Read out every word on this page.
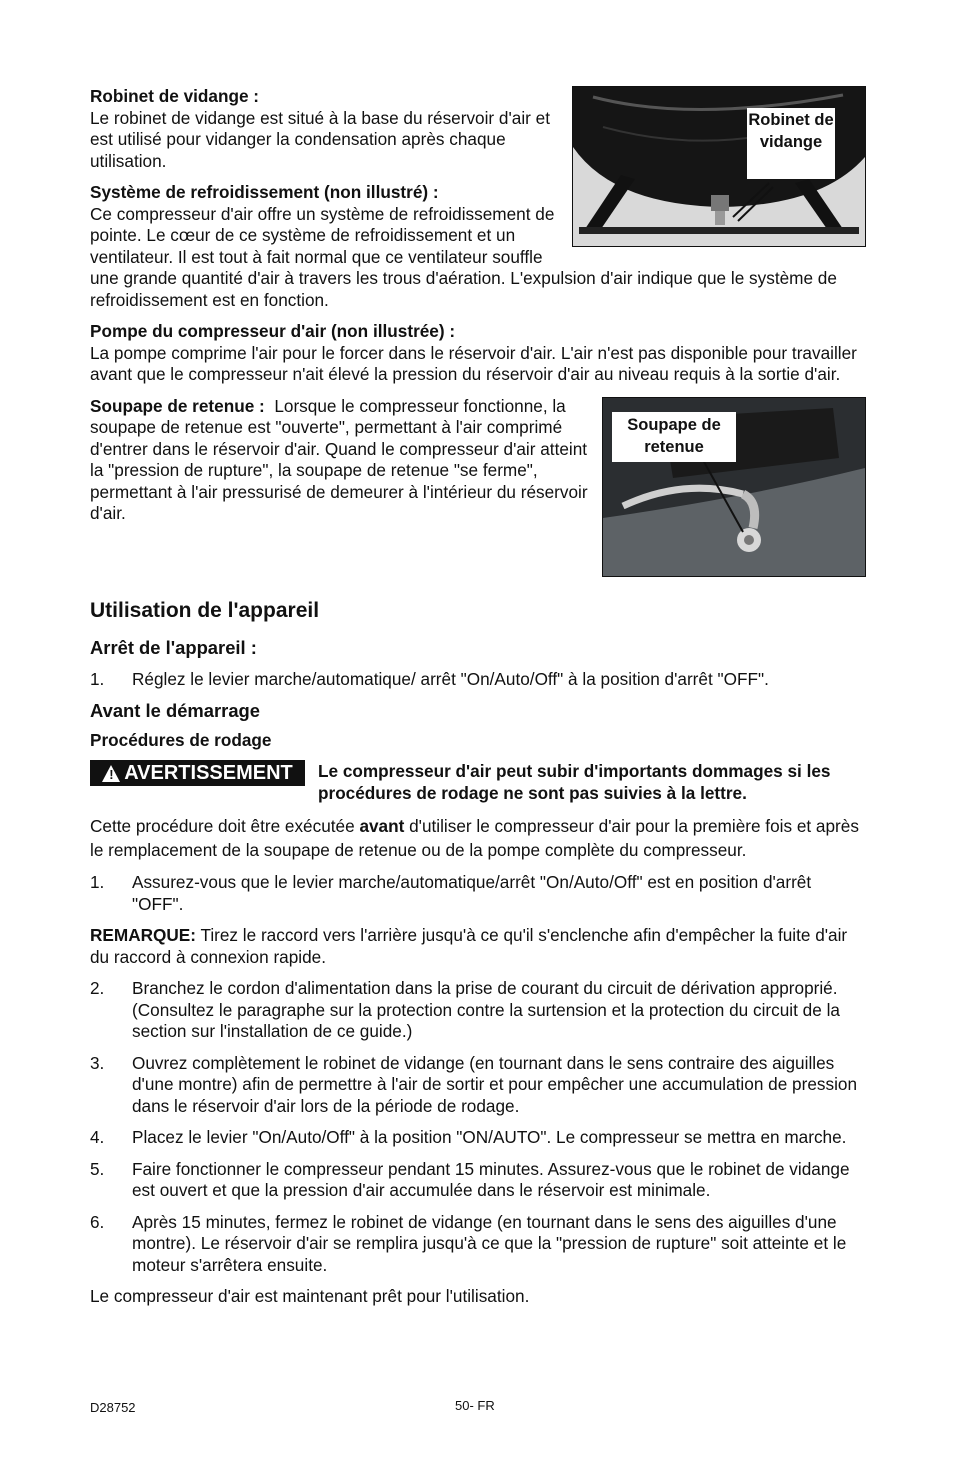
Robinet de vidange

Robinet de vidange :

Le robinet de vidange est situé à la base du réservoir d'air et est utilisé pour vidanger la condensation après chaque utilisation.

Système de refroidissement (non illustré) :

Ce compresseur d'air offre un système de refroidissement de pointe. Le cœur de ce système de refroidissement et un ventilateur. Il est tout à fait normal que ce ventilateur souffle une grande quantité d'air à travers les trous d'aération. L'expulsion d'air indique que le système de refroidissement est en fonction.

Pompe du compresseur d'air (non illustrée) :

La pompe comprime l'air pour le forcer dans le réservoir d'air. L'air n'est pas disponible pour travailler avant que le compresseur n'ait élevé la pression du réservoir d'air au niveau requis à la sortie d'air.

Soupape de retenue

Soupape de retenue : Lorsque le compresseur fonctionne, la soupape de retenue est "ouverte", permettant à l'air comprimé d'entrer dans le réservoir d'air. Quand le compresseur d'air atteint la "pression de rupture", la soupape de retenue "se ferme", permettant à l'air pressurisé de demeurer à l'intérieur du réservoir d'air.

Utilisation de l'appareil
Arrêt de l'appareil :
1. Réglez le levier marche/automatique/ arrêt "On/Auto/Off" à la position d'arrêt "OFF".
Avant le démarrage
Procédures de rodage
! AVERTISSEMENT Le compresseur d'air peut subir d'importants dommages si les procédures de rodage ne sont pas suivies à la lettre.

Cette procédure doit être exécutée avant d'utiliser le compresseur d'air pour la première fois et après le remplacement de la soupape de retenue ou de la pompe complète du compresseur.

1. Assurez-vous que le levier marche/automatique/arrêt "On/Auto/Off" est en position d'arrêt "OFF".

REMARQUE: Tirez le raccord vers l'arrière jusqu'à ce qu'il s'enclenche afin d'empêcher la fuite d'air du raccord à connexion rapide.

2. Branchez le cordon d'alimentation dans la prise de courant du circuit de dérivation approprié. (Consultez le paragraphe sur la protection contre la surtension et la protection du circuit de la section sur l'installation de ce guide.)
3. Ouvrez complètement le robinet de vidange (en tournant dans le sens contraire des aiguilles d'une montre) afin de permettre à l'air de sortir et pour empêcher une accumulation de pression dans le réservoir d'air lors de la période de rodage.
4. Placez le levier "On/Auto/Off" à la position "ON/AUTO". Le compresseur se mettra en marche.
5. Faire fonctionner le compresseur pendant 15 minutes. Assurez-vous que le robinet de vidange est ouvert et que la pression d'air accumulée dans le réservoir est minimale.
6. Après 15 minutes, fermez le robinet de vidange (en tournant dans le sens des aiguilles d'une montre). Le réservoir d'air se remplira jusqu'à ce que la "pression de rupture" soit atteinte et le moteur s'arrêtera ensuite.

Le compresseur d'air est maintenant prêt pour l'utilisation.

D28752	50- FR
